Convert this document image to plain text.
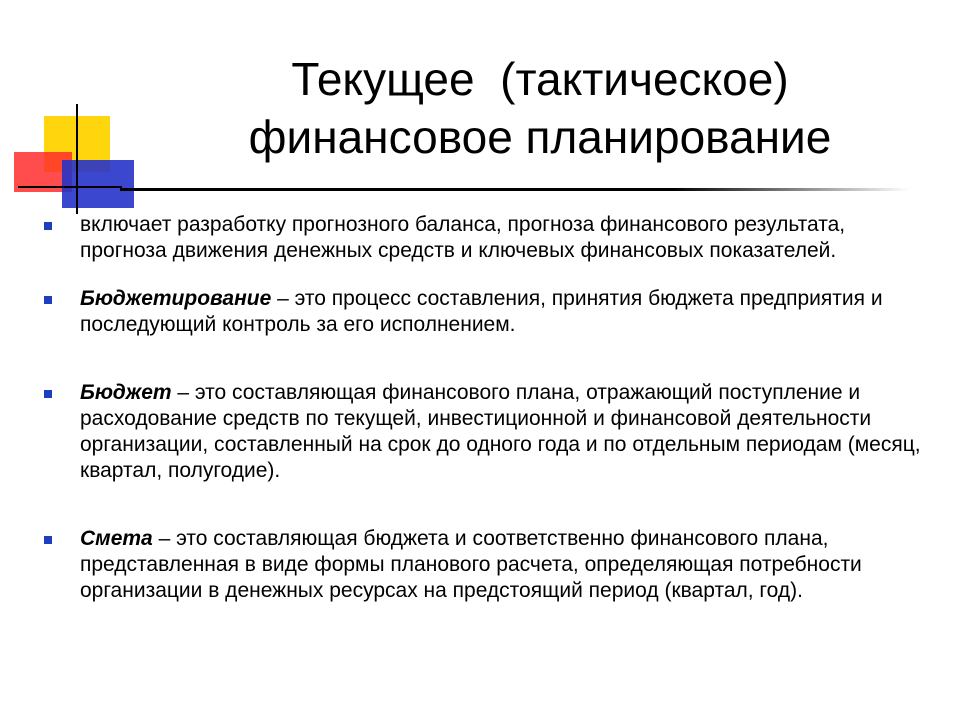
Текущее  (тактическое)
финансовое планирование
включает разработку прогнозного баланса, прогноза финансового результата, прогноза движения денежных средств и ключевых финансовых показателей.
Бюджетирование – это процесс составления, принятия бюджета предприятия и последующий контроль за его исполнением.
Бюджет – это составляющая финансового плана, отражающий поступление и расходование средств по текущей, инвестиционной и финансовой деятельности организации, составленный на срок до одного года и по отдельным периодам (месяц, квартал, полугодие).
Смета – это составляющая бюджета и соответственно финансового плана, представленная в виде формы планового расчета, определяющая потребности организации в денежных ресурсах на предстоящий период (квартал, год).
